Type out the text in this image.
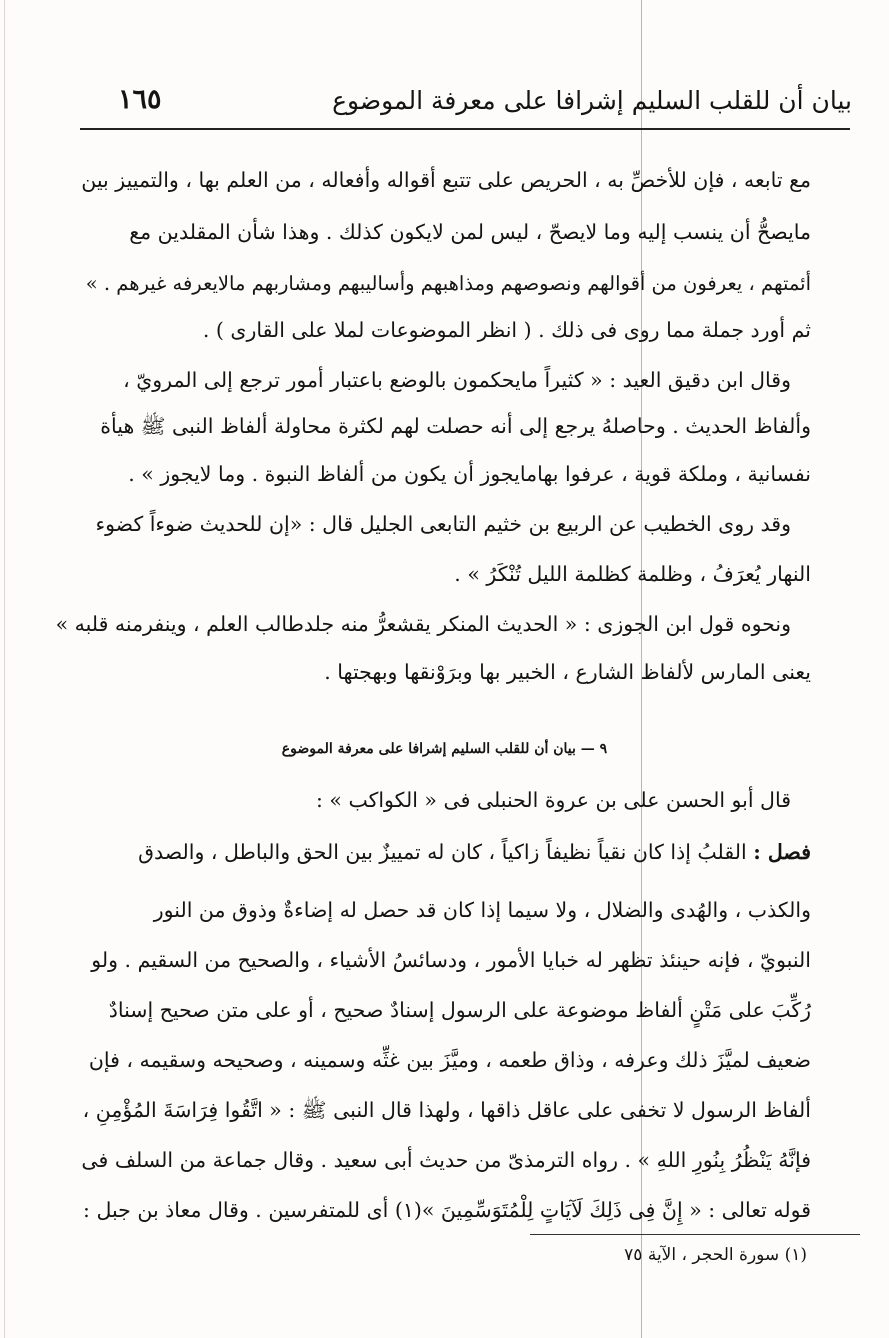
بيان أن للقلب السليم إشرافا على معرفة الموضوع
١٦٥
مع تابعه ، فإن للأخصِّ به ، الحريص على تتبع أقواله وأفعاله ، من العلم بها ، والتمييز بين
مايصحُّ أن ينسب إليه وما لايصحّ ، ليس لمن لايكون كذلك . وهذا شأن المقلدين مع
أئمتهم ، يعرفون من أقوالهم ونصوصهم ومذاهبهم وأساليبهم ومشاربهم مالايعرفه غيرهم . »
ثم أورد جملة مما روى فى ذلك . ( انظر الموضوعات لملا على القارى ) .
وقال ابن دقيق العيد : « كثيراً مايحكمون بالوضع باعتبار أمور ترجع إلى المرويّ ،
وألفاظ الحديث . وحاصلهُ يرجع إلى أنه حصلت لهم لكثرة محاولة ألفاظ النبى ﷺ هيأة
نفسانية ، وملكة قوية ، عرفوا بهامايجوز أن يكون من ألفاظ النبوة . وما لايجوز » .
وقد روى الخطيب عن الربيع بن خثيم التابعى الجليل قال : «إن للحديث ضوءاً كضوء
النهار يُعرَفُ ، وظلمة كظلمة الليل تُنْكَرُ » .
ونحوه قول ابن الجوزى : « الحديث المنكر يقشعرُّ منه جلدطالب العلم ، وينفرمنه قلبه »
يعنى المارس لألفاظ الشارع ، الخبير بها وبرَوْنقها وبهجتها .
٩ — بيان أن للقلب السليم إشرافا على معرفة الموضوع
قال أبو الحسن على بن عروة الحنبلى فى « الكواكب » :
فصل : القلبُ إذا كان نقياً نظيفاً زاكياً ، كان له تمييزٌ بين الحق والباطل ، والصدق
والكذب ، والهُدى والضلال ، ولا سيما إذا كان قد حصل له إضاءةٌ وذوق من النور
النبويّ ، فإنه حينئذ تظهر له خبايا الأمور ، ودسائسُ الأشياء ، والصحيح من السقيم . ولو
رُكِّبَ على مَتْنٍ ألفاظ موضوعة على الرسول إسنادٌ صحيح ، أو على متن صحيح إسنادٌ
ضعيف لميَّزَ ذلك وعرفه ، وذاق طعمه ، وميَّزَ بين غثِّه وسمينه ، وصحيحه وسقيمه ، فإن
ألفاظ الرسول لا تخفى على عاقل ذاقها ، ولهذا قال النبى ﷺ : « اتَّقُوا فِرَاسَةَ المُؤْمِنِ ،
فإنَّهُ يَنْظُرُ بِنُورِ اللهِ » . رواه الترمذىّ من حديث أبى سعيد . وقال جماعة من السلف فى
قوله تعالى : « إِنَّ فِى ذَلِكَ لَآيَاتٍ لِلْمُتَوَسِّمِينَ »(١) أى للمتفرسين . وقال معاذ بن جبل :
(١) سورة الحجر ، الآية ٧٥
